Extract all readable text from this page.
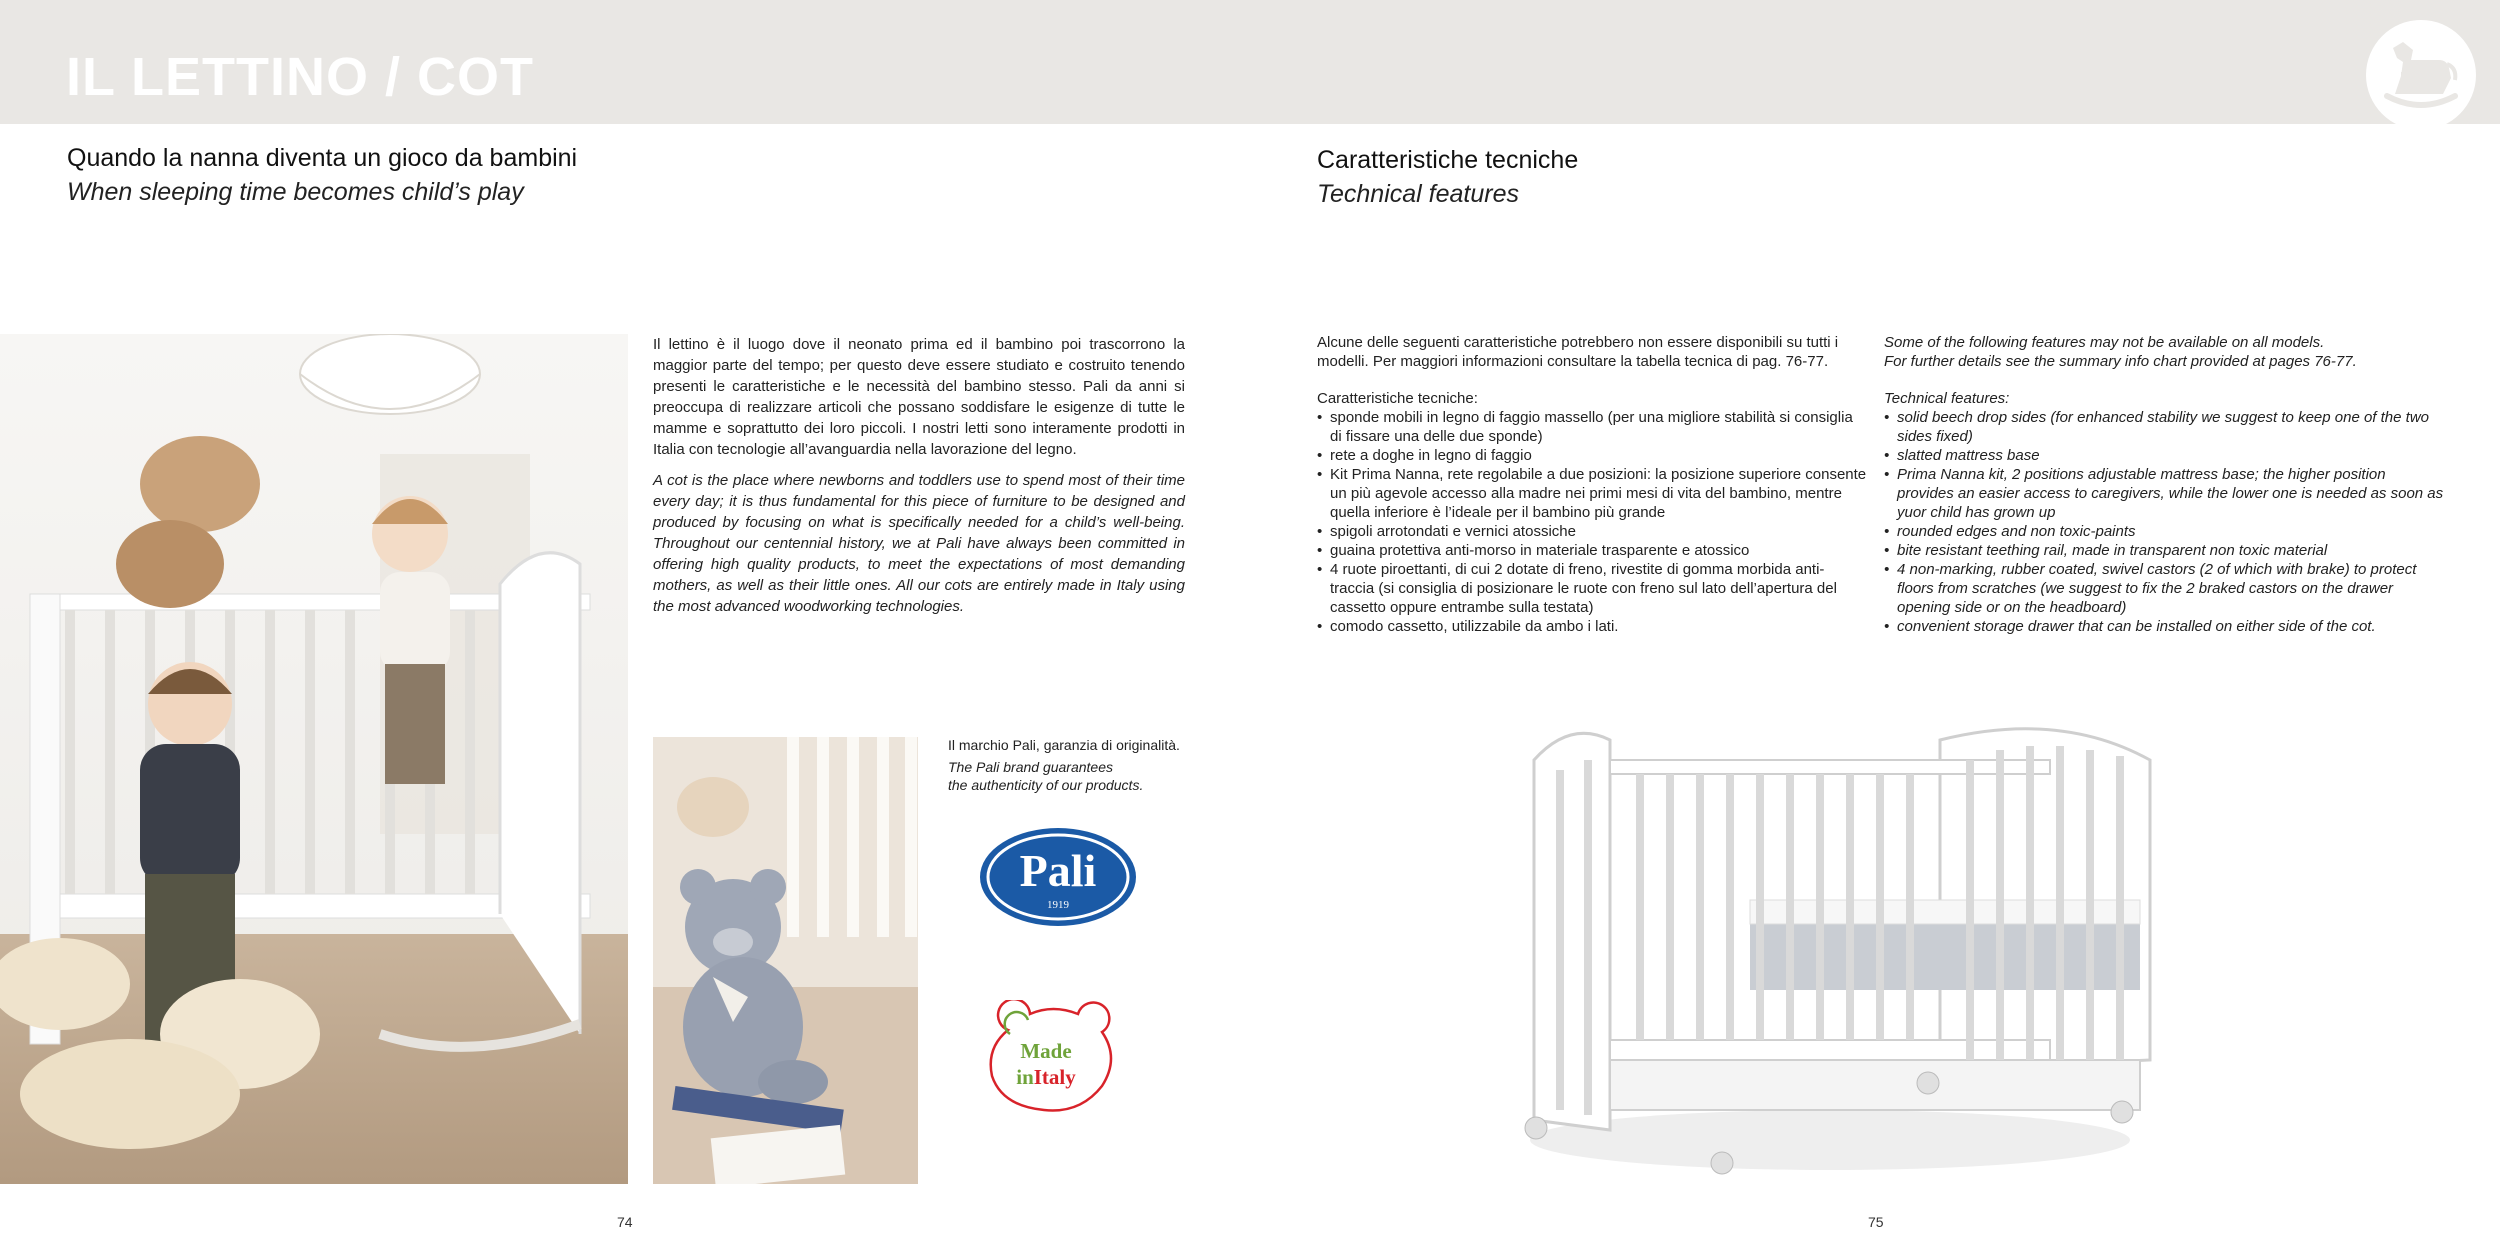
IL LETTINO / COT
Quando la nanna diventa un gioco da bambini
When sleeping time becomes child’s play

Il lettino è il luogo dove il neonato prima ed il bambino poi trascorrono la maggior parte del tempo; per questo deve essere studiato e costruito tenendo presenti le caratteristiche e le necessità del bambino stesso. Pali da anni si preoccupa di realizzare articoli che possano soddisfare le esigenze di tutte le mamme e soprattutto dei loro piccoli. I nostri letti sono interamente prodotti in Italia con tecnologie all’avanguardia nella lavorazione del legno.

A cot is the place where newborns and toddlers use to spend most of their time every day; it is thus fundamental for this piece of furniture to be designed and produced by focusing on what is specifically needed for a child’s well-being. Throughout our centennial history, we at Pali have always been committed in offering high quality products, to meet the expectations of most demanding mothers, as well as their little ones. All our cots are entirely made in Italy using the most advanced woodworking technologies.

Il marchio Pali, garanzia di originalità.

The Pali brand guarantees

the authenticity of our products.

Pali
1919
Made
inItaly
74
Caratteristiche tecniche
Technical features

Alcune delle seguenti caratteristiche potrebbero non essere disponibili su tutti i modelli. Per maggiori informazioni consultare la tabella tecnica di pag. 76-77.

Caratteristiche tecniche:

• sponde mobili in legno di faggio massello (per una migliore stabilità si consiglia di fissare una delle due sponde)
• rete a doghe in legno di faggio
• Kit Prima Nanna, rete regolabile a due posizioni: la posizione superiore consente un più agevole accesso alla madre nei primi mesi di vita del bambino, mentre quella inferiore è l’ideale per il bambino più grande
• spigoli arrotondati e vernici atossiche
• guaina protettiva anti-morso in materiale trasparente e atossico
• 4 ruote piroettanti, di cui 2 dotate di freno, rivestite di gomma morbida anti-traccia (si consiglia di posizionare le ruote con freno sul lato dell’apertura del cassetto oppure entrambe sulla testata)
• comodo cassetto, utilizzabile da ambo i lati.

Some of the following features may not be available on all models.
For further details see the summary info chart provided at pages 76-77.

Technical features:

• solid beech drop sides (for enhanced stability we suggest to keep one of the two sides fixed)
• slatted mattress base
• Prima Nanna kit, 2 positions adjustable mattress base; the higher position provides an easier access to caregivers, while the lower one is needed as soon as yuor child has grown up
• rounded edges and non toxic-paints
• bite resistant teething rail, made in transparent non toxic material
• 4 non-marking, rubber coated, swivel castors (2 of which with brake) to protect floors from scratches (we suggest to fix the 2 braked castors on the drawer opening side or on the headboard)
• convenient storage drawer that can be installed on either side of the cot.
75
